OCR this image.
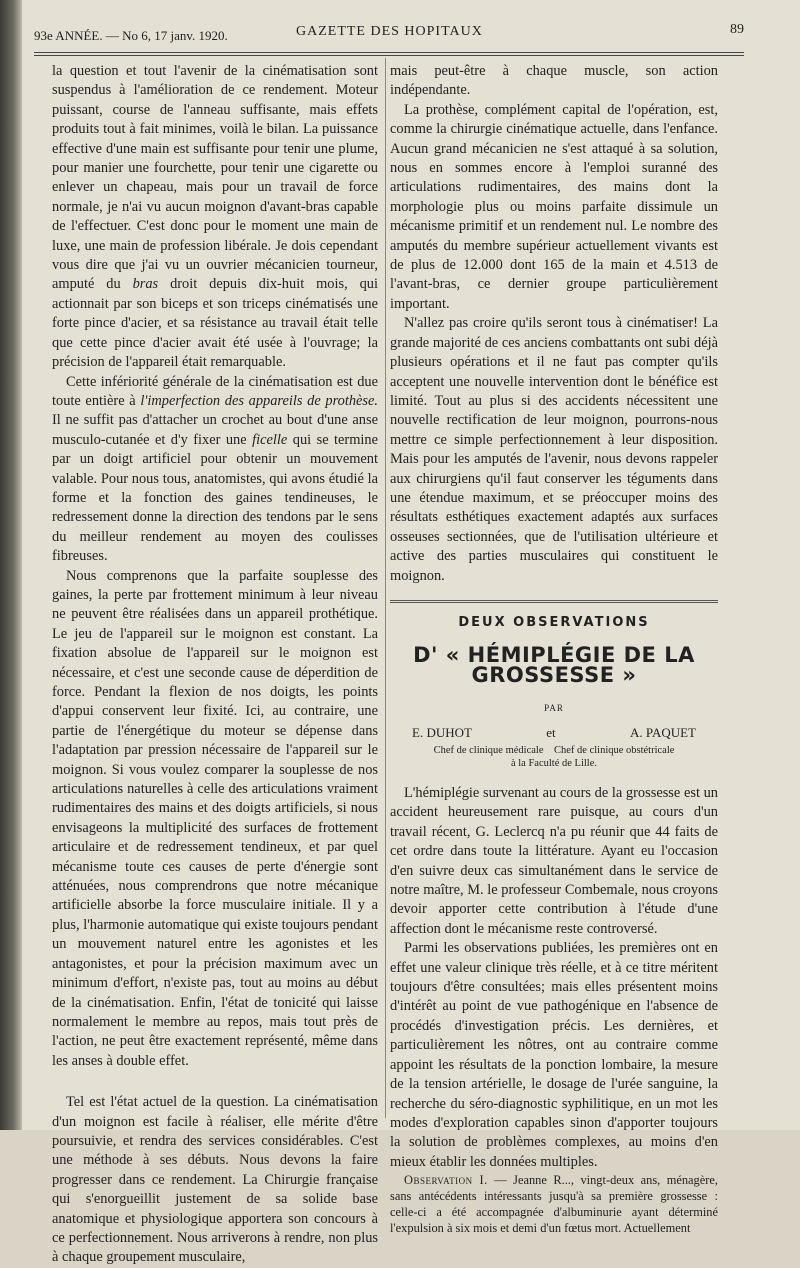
93e ANNÉE. — No 6, 17 janv. 1920.	GAZETTE DES HOPITAUX	89

la question et tout l'avenir de la cinématisation sont suspendus à l'amélioration de ce rendement. Moteur puissant, course de l'anneau suffisante, mais effets produits tout à fait minimes, voilà le bilan. La puissance effective d'une main est suffisante pour tenir une plume, pour manier une fourchette, pour tenir une cigarette ou enlever un chapeau, mais pour un travail de force normale, je n'ai vu aucun moignon d'avant-bras capable de l'effectuer. C'est donc pour le moment une main de luxe, une main de profession libérale. Je dois cependant vous dire que j'ai vu un ouvrier mécanicien tourneur, amputé du bras droit depuis dix-huit mois, qui actionnait par son biceps et son triceps cinématisés une forte pince d'acier, et sa résistance au travail était telle que cette pince d'acier avait été usée à l'ouvrage; la précision de l'appareil était remarquable.

Cette infériorité générale de la cinématisation est due toute entière à l'imperfection des appareils de prothèse. Il ne suffit pas d'attacher un crochet au bout d'une anse musculo-cutanée et d'y fixer une ficelle qui se termine par un doigt artificiel pour obtenir un mouvement valable. Pour nous tous, anatomistes, qui avons étudié la forme et la fonction des gaines tendineuses, le redressement donne la direction des tendons par le sens du meilleur rendement au moyen des coulisses fibreuses.

Nous comprenons que la parfaite souplesse des gaines, la perte par frottement minimum à leur niveau ne peuvent être réalisées dans un appareil prothétique. Le jeu de l'appareil sur le moignon est constant. La fixation absolue de l'appareil sur le moignon est nécessaire, et c'est une seconde cause de déperdition de force. Pendant la flexion de nos doigts, les points d'appui conservent leur fixité. Ici, au contraire, une partie de l'énergétique du moteur se dépense dans l'adaptation par pression nécessaire de l'appareil sur le moignon. Si vous voulez comparer la souplesse de nos articulations naturelles à celle des articulations vraiment rudimentaires des mains et des doigts artificiels, si nous envisageons la multiplicité des surfaces de frottement articulaire et de redressement tendineux, et par quel mécanisme toute ces causes de perte d'énergie sont atténuées, nous comprendrons que notre mécanique artificielle absorbe la force musculaire initiale. Il y a plus, l'harmonie automatique qui existe toujours pendant un mouvement naturel entre les agonistes et les antagonistes, et pour la précision maximum avec un minimum d'effort, n'existe pas, tout au moins au début de la cinématisation. Enfin, l'état de tonicité qui laisse normalement le membre au repos, mais tout près de l'action, ne peut être exactement représenté, même dans les anses à double effet.

Tel est l'état actuel de la question. La cinématisation d'un moignon est facile à réaliser, elle mérite d'être poursuivie, et rendra des services considérables. C'est une méthode à ses débuts. Nous devons la faire progresser dans ce rendement. La Chirurgie française qui s'enorgueillit justement de sa solide base anatomique et physiologique apportera son concours à ce perfectionnement. Nous arriverons à rendre, non plus à chaque groupement musculaire,

mais peut-être à chaque muscle, son action indépendante.

La prothèse, complément capital de l'opération, est, comme la chirurgie cinématique actuelle, dans l'enfance. Aucun grand mécanicien ne s'est attaqué à sa solution, nous en sommes encore à l'emploi suranné des articulations rudimentaires, des mains dont la morphologie plus ou moins parfaite dissimule un mécanisme primitif et un rendement nul. Le nombre des amputés du membre supérieur actuellement vivants est de plus de 12.000 dont 165 de la main et 4.513 de l'avant-bras, ce dernier groupe particulièrement important.

N'allez pas croire qu'ils seront tous à cinématiser! La grande majorité de ces anciens combattants ont subi déjà plusieurs opérations et il ne faut pas compter qu'ils acceptent une nouvelle intervention dont le bénéfice est limité. Tout au plus si des accidents nécessitent une nouvelle rectification de leur moignon, pourrons-nous mettre ce simple perfectionnement à leur disposition. Mais pour les amputés de l'avenir, nous devons rappeler aux chirurgiens qu'il faut conserver les téguments dans une étendue maximum, et se préoccuper moins des résultats esthétiques exactement adaptés aux surfaces osseuses sectionnées, que de l'utilisation ultérieure et active des parties musculaires qui constituent le moignon.

DEUX OBSERVATIONS
D' « HÉMIPLÉGIE DE LA GROSSESSE »
PAR
E. DUHOT	et	A. PAQUET
Chef de clinique médicale Chef de clinique obstétricale
à la Faculté de Lille.

L'hémiplégie survenant au cours de la grossesse est un accident heureusement rare puisque, au cours d'un travail récent, G. Leclercq n'a pu réunir que 44 faits de cet ordre dans toute la littérature. Ayant eu l'occasion d'en suivre deux cas simultanément dans le service de notre maître, M. le professeur Combemale, nous croyons devoir apporter cette contribution à l'étude d'une affection dont le mécanisme reste controversé.

Parmi les observations publiées, les premières ont en effet une valeur clinique très réelle, et à ce titre méritent toujours d'être consultées; mais elles présentent moins d'intérêt au point de vue pathogénique en l'absence de procédés d'investigation précis. Les dernières, et particulièrement les nôtres, ont au contraire comme appoint les résultats de la ponction lombaire, la mesure de la tension artérielle, le dosage de l'urée sanguine, la recherche du séro-diagnostic syphilitique, en un mot les modes d'exploration capables sinon d'apporter toujours la solution de problèmes complexes, au moins d'en mieux établir les données multiples.

Observation I. — Jeanne R..., vingt-deux ans, ménagère, sans antécédents intéressants jusqu'à sa première grossesse : celle-ci a été accompagnée d'albuminurie ayant déterminé l'expulsion à six mois et demi d'un fœtus mort. Actuellement
